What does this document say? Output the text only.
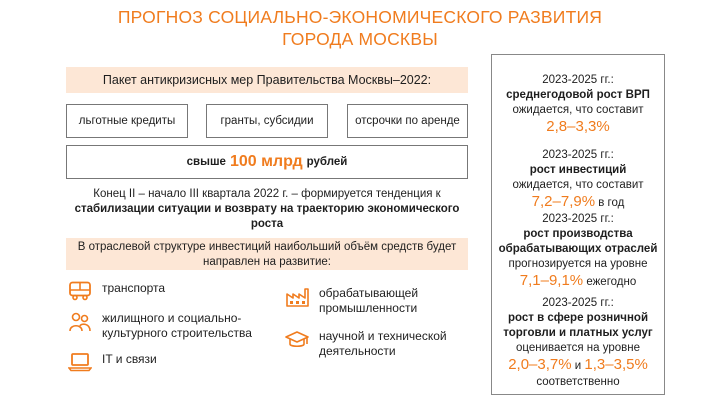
ПРОГНОЗ СОЦИАЛЬНО-ЭКОНОМИЧЕСКОГО РАЗВИТИЯ
ГОРОДА МОСКВЫ
Пакет антикризисных мер Правительства Москвы–2022:
льготные кредиты	гранты, субсидии	отсрочки по аренде
свыше 100 млрд рублей
Конец II – начало III квартала 2022 г. – формируется тенденция к
стабилизации ситуации и возврату на траекторию экономического роста
В отраслевой структуре инвестиций наибольший объём средств будет
направлен на развитие:
транспорта
жилищного и социально-
культурного строительства
IT и связи
обрабатывающей
промышленности
научной и технической
деятельности
2023-2025 гг.:
среднегодовой рост ВРП
ожидается, что составит
2,8–3,3%
2023-2025 гг.:
рост инвестиций
ожидается, что составит
7,2–7,9% в год
2023-2025 гг.:
рост производства
обрабатывающих отраслей
прогнозируется на уровне
7,1–9,1% ежегодно
2023-2025 гг.:
рост в сфере розничной
торговли и платных услуг
оценивается на уровне
2,0–3,7% и 1,3–3,5%
соответственно
